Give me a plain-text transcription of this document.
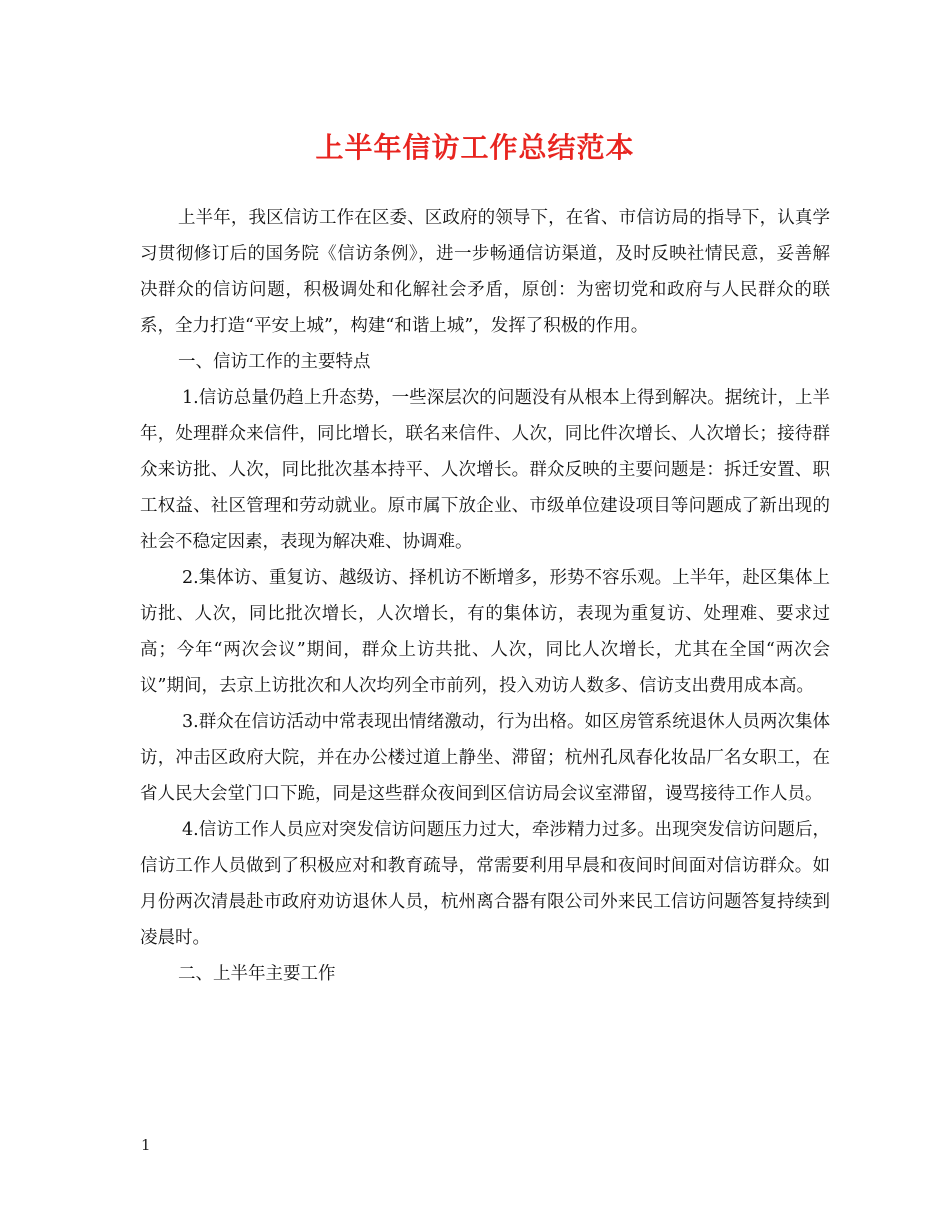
上半年信访工作总结范本

上半年，我区信访工作在区委、区政府的领导下，在省、市信访局的指导下，认真学习贯彻修订后的国务院《信访条例》，进一步畅通信访渠道，及时反映社情民意，妥善解决群众的信访问题，积极调处和化解社会矛盾，原创：为密切党和政府与人民群众的联系，全力打造“平安上城”，构建“和谐上城”，发挥了积极的作用。

一、信访工作的主要特点

1.信访总量仍趋上升态势，一些深层次的问题没有从根本上得到解决。据统计，上半年，处理群众来信件，同比增长，联名来信件、人次，同比件次增长、人次增长；接待群众来访批、人次，同比批次基本持平、人次增长。群众反映的主要问题是：拆迁安置、职工权益、社区管理和劳动就业。原市属下放企业、市级单位建设项目等问题成了新出现的社会不稳定因素，表现为解决难、协调难。

2.集体访、重复访、越级访、择机访不断增多，形势不容乐观。上半年，赴区集体上访批、人次，同比批次增长，人次增长，有的集体访，表现为重复访、处理难、要求过高；今年“两次会议”期间，群众上访共批、人次，同比人次增长，尤其在全国“两次会议”期间，去京上访批次和人次均列全市前列，投入劝访人数多、信访支出费用成本高。

3.群众在信访活动中常表现出情绪激动，行为出格。如区房管系统退休人员两次集体访，冲击区政府大院，并在办公楼过道上静坐、滞留；杭州孔凤春化妆品厂名女职工，在省人民大会堂门口下跪，同是这些群众夜间到区信访局会议室滞留，谩骂接待工作人员。

4.信访工作人员应对突发信访问题压力过大，牵涉精力过多。出现突发信访问题后，信访工作人员做到了积极应对和教育疏导，常需要利用早晨和夜间时间面对信访群众。如月份两次清晨赴市政府劝访退休人员，杭州离合器有限公司外来民工信访问题答复持续到凌晨时。

二、上半年主要工作

1
